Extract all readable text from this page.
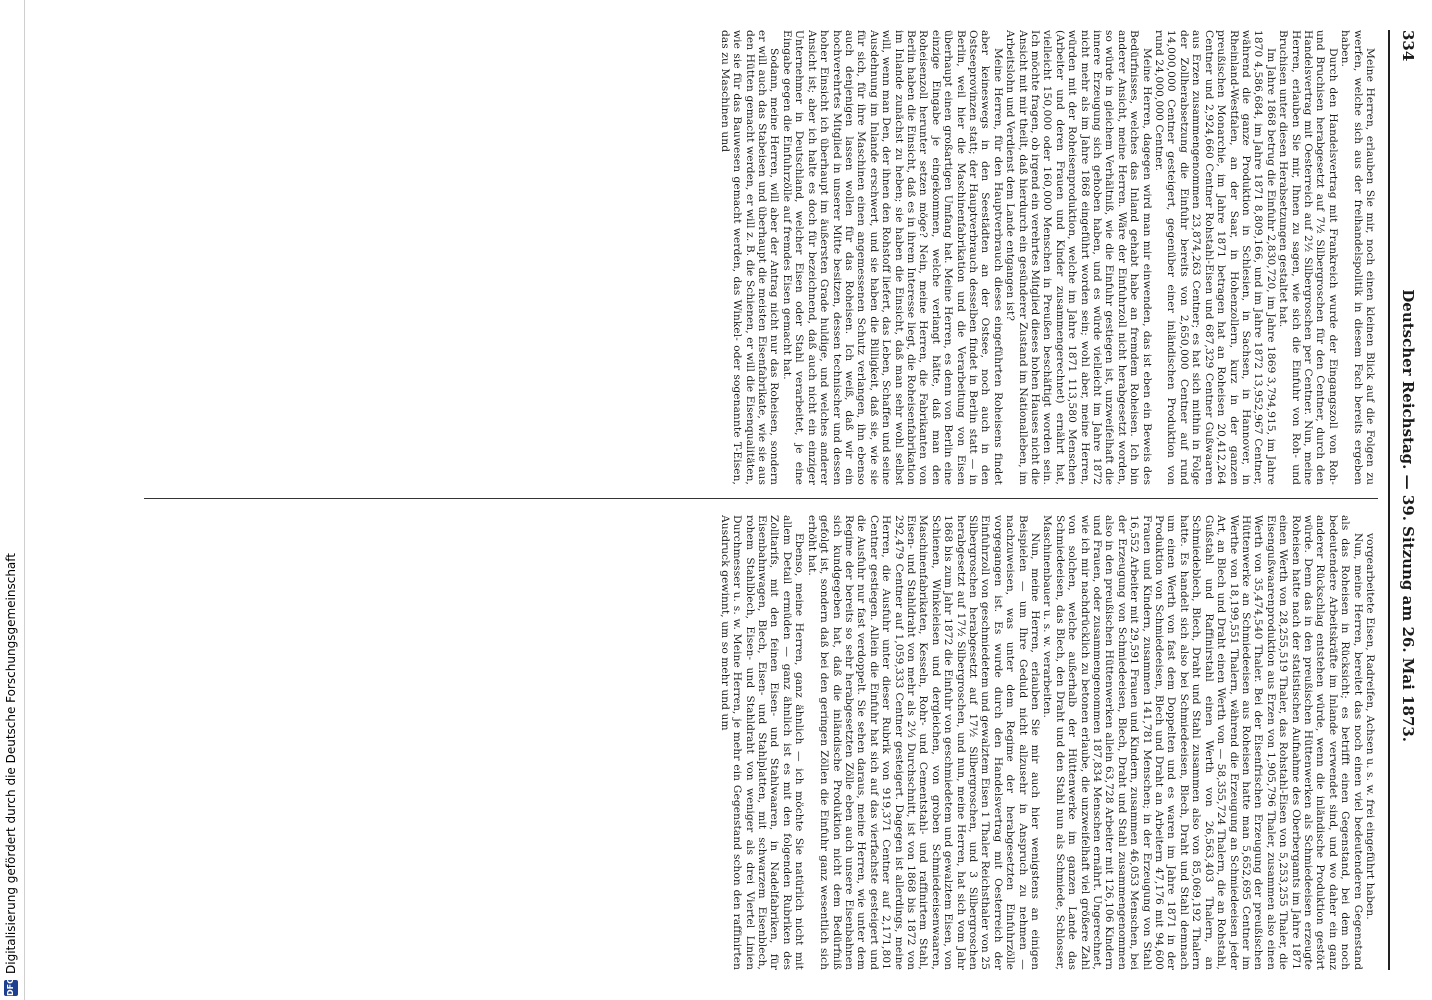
DFG
Digitalisierung gefördert durch die Deutsche Forschungsgemeinschaft
334
Deutscher Reichstag. — 39. Sitzung am 26. Mai 1873.

Meine Herren, erlauben Sie mir, noch einen kleinen Blick auf die Folgen zu werfen, welche sich aus der freihandelspolitik in diesem Fach bereits ergeben haben.

Durch den Handelsvertrag mit Frankreich wurde der Eingangszoll von Roh- und Bruchisen herabgesetzt auf 7½ Silbergroschen für den Centner, durch den Handelsvertrag mit Oesterreich auf 2½ Silbergroschen per Centner. Nun, meine Herren, erlauben Sie mir, Ihnen zu sagen, wie sich die Einfuhr von Roh- und Bruchisen unter diesen Herabsetzungen gestaltet hat.

Im Jahre 1868 betrug die Einfuhr 2,830,720, im Jahre 1869 3,794,915, im Jahre 1870 4,586,684, im Jahre 1871 8,809,166, und im Jahre 1872 13,952,967 Centner, während die ganze Produktion in Schlesien, in Sachsen, in Hannover, in Rheinland-Westfalen, an der Saar, in Hohenzollern, kurz in der ganzen preußischen Monarchie, im Jahre 1871 betragen hat an Roheisen 20,412,264 Centner und 2,924,660 Centner Rohstahl-Eisen und 687,329 Centner Gußwaaren aus Erzen zusammengenommen 23,874,263 Centner; es hat sich mithin in Folge der Zollherabsetzung die Einfuhr bereits von 2,650,000 Centner auf rund 14,000,000 Centner gesteigert, gegenüber einer inländischen Produktion von rund 24,000,000 Centner.

Meine Herren, dagegen wird man mir einwenden, das ist eben ein Beweis des Bedürfnisses, welches das Inland gehabt habe an fremdem Roheisen. Ich bin anderer Ansicht, meine Herren. Wäre der Einfuhrzoll nicht herabgesetzt worden, so würde in gleichem Verhältniß, wie die Einfuhr gestiegen ist, unzweifelhaft die innere Erzeugung sich gehoben haben, und es würde vielleicht im Jahre 1872 nicht mehr als im Jahre 1868 eingeführt worden sein; wohl aber, meine Herren, würden mit der Roheisenproduktion, welche im Jahre 1871 113,580 Menschen (Arbeiter und deren Frauen und Kinder zusammengerechnet) ernährt hat, vielleicht 150,000 oder 160,000 Menschen in Preußen beschäftigt worden sein. Ich möchte fragen, ob irgend ein verehrtes Mitglied dieses hohen Hauses nicht die Ansicht mit mir theilt, daß hierdurch ein gesünderer Zustand im Nationalleben, im Arbeitslohn und Verdienst dem Lande entgangen ist?

Meine Herren, für den Hauptverbrauch dieses eingeführten Roheisens findet aber keineswegs in den Seestädten an der Ostsee, noch auch in den Ostseeprovinzen statt; der Hauptverbrauch desselben findet in Berlin statt — in Berlin, weil hier die Maschinenfabrikation und die Verarbeitung von Eisen überhaupt einen großartigen Umfang hat. Meine Herren, es denn von Berlin eine einzige Eingabe je eingekommen, welche verlangt hätte, daß man den Roheisenzoll herunter setzen möge? Nein, meine Herren, die Fabrikanten von Berlin haben die Einsicht, daß es in ihrem Interesse liegt, die Roheisenfabrikation im Inlande zunächst zu heben; sie haben die Einsicht, daß man sehr wohl selbst will, wenn man Den, der ihnen den Rohstoff liefert, das Leben, Schaffen und seine Ausdehnung im Inlande erschwert, und sie haben die Billigkeit, daß sie, wie sie für sich, für ihre Maschinen einen angemessenen Schutz verlangen, ihn ebenso auch denjenigen lassen wollen für das Roheisen. Ich weiß, daß wir ein hochverehrtes Mitglied in unserer Mitte besitzen, dessen technischer und dessen hoher Einsicht ich überhaupt im äußersten Grade huldige, und welches anderer Ansicht ist; aber ich halte es doch für bezeichnend, daß auch nicht ein einziger Unternehmer in Deutschland, welcher Eisen oder Stahl verarbeitet, je eine Eingabe gegen die Einfuhrzölle auf fremdes Eisen gemacht hat.

Sodann, meine Herren, will aber der Antrag nicht nur das Roheisen, sondern er will auch das Stabeisen und überhaupt die meisten Eisenfabrikate, wie sie aus den Hütten gemacht werden, er will z. B. die Schienen, er will die Eisenqualitäten, wie sie für das Bauwesen gemacht werden, das Winkel- oder sogenannte T-Eisen, das zu Maschinen und

vorgearbeitete Eisen, Radreifen, Achsen u. s. w. frei eingeführt haben.

Nun, meine Herren, bereitet das noch einen viel bedeutenderen Gegenstand als das Roheisen in Rücksicht; es betrifft einen Gegenstand, bei dem noch bedeutendere Arbeitskräfte im Inlande verwendet sind, und wo daher ein ganz anderer Rückschlag entstehen würde, wenn die inländische Produktion gestört würde. Denn das in den preußischen Hüttenwerken als Schmiedeeisen erzeugte Roheisen hatte nach der statistischen Aufnahme des Oberbergamts im Jahre 1871 einen Werth von 28,255,519 Thaler, das Rohstahl-Eisen von 5,253,255 Thaler, die Eisengußwaarenproduktion aus Erzen von 1,905,796 Thaler, zusammen also einen Werth von 35,474,540 Thaler. Bei der Eisenfrischen Erzeugung der preußischen Hüttenwerke an Schmiedeeisen aus Roheisen hatte man 5,652,695 Centner im Werthe von 18,199,551 Thalern, während die Erzeugung an Schmiedeeisen jeder Art, an Blech und Draht einen Werth von — 58,355,724 Thalern, die an Rohstahl, Gußstahl und Raffinirstahl einen Werth von 26,563,403 Thalern, an Schmiedeblech, Blech, Draht und Stahl zusammen also von 85,069,192 Thalern hatte. Es handelt sich also bei Schmiedeeisen, Blech, Draht und Stahl demnach um einen Werth von fast dem Doppelten und es waren im Jahre 1871 in der Produktion von Schmiedeeisen, Blech und Draht an Arbeitern 47,176 mit 94,600 Frauen und Kindern, zusammen 141,781 Menschen; in der Erzeugung von Stahl 16,552 Arbeiter mit 29,591 Frauen und Kindern, zusammen 46,053 Menschen, bei der Erzeugung von Schmiedeeisen, Blech, Draht und Stahl zusammengenommen also in den preußischen Hüttenwerken allein 63,728 Arbeiter mit 126,106 Kindern und Frauen, oder zusammengenommen 187,834 Menschen ernährt. Ungerechnet, wie ich mir nachdrücklich zu betonen erlaube, die unzweifelhaft viel größere Zahl von solchen, welche außerhalb der Hüttenwerke im ganzen Lande das Schmiedeeisen, das Blech, den Draht und den Stahl nun als Schmiede, Schlosser, Maschinenbauer u. s. w. verarbeiten.

Nun, meine Herren, erlauben Sie mir auch hier wenigstens an einigen Beispielen — um Ihre Geduld nicht allzusehr in Anspruch zu nehmen — nachzuweisen, was unter dem Regime der herabgesetzten Einfuhrzölle vorgegangen ist. Es wurde durch den Handelsvertrag mit Oesterreich der Einfuhrzoll von geschmiedetem und gewalztem Eisen 1 Thaler Reichsthaler von 25 Silbergroschen herabgesetzt auf 17½ Silbergroschen, und 3 Silbergroschen herabgesetzt auf 17½ Silbergroschen, und nun, meine Herren, hat sich vom Jahr 1868 bis zum Jahr 1872 die Einfuhr von geschmiedetem und gewalztem Eisen, von Schienen, Winkeleisen und dergleichen, von groben Schmiedeeisenwaaren, Maschinenfabrikaten, Kesseln, Rohr- und Cementstahl- und raffinirtem Stahl, Eisen- und Stahldraht von mehr als 2⅓ Durchschnitt, ist von 1868 bis 1872 von 292,479 Centner auf 1,059,333 Centner gesteigert. Dagegen ist allerdings, meine Herren, die Ausfuhr unter dieser Rubrik von 919,371 Centner auf 2,171,801 Centner gestiegen. Allein die Einfuhr hat sich auf das vierfachste gesteigert und die Ausfuhr nur fast verdoppelt. Sie sehen daraus, meine Herren, wie unter dem Regime der bereits so sehr herabgesetzten Zölle eben auch unsere Eisenbahnen sich kundgegeben hat, daß die inländische Produktion nicht dem Bedürfniß gefolgt ist, sondern daß bei den geringen Zöllen die Einfuhr ganz wesentlich sich erhöht hat.

Ebenso, meine Herren, ganz ähnlich — ich möchte Sie natürlich nicht mit allem Detail ermüden — ganz ähnlich ist es mit den folgenden Rubriken des Zolltarifs, mit den feinen Eisen- und Stahlwaaren, in Nadelfabriken, für Eisenbahnwagen, Blech, Eisen- und Stahlplatten, mit schwarzem Eisenblech, rohem Stahlblech, Eisen- und Stahldraht von weniger als drei Viertel Linien Durchmesser u. s. w. Meine Herren, je mehr ein Gegenstand schon den raffinirten Ausdruck gewinnt, um so mehr und um
